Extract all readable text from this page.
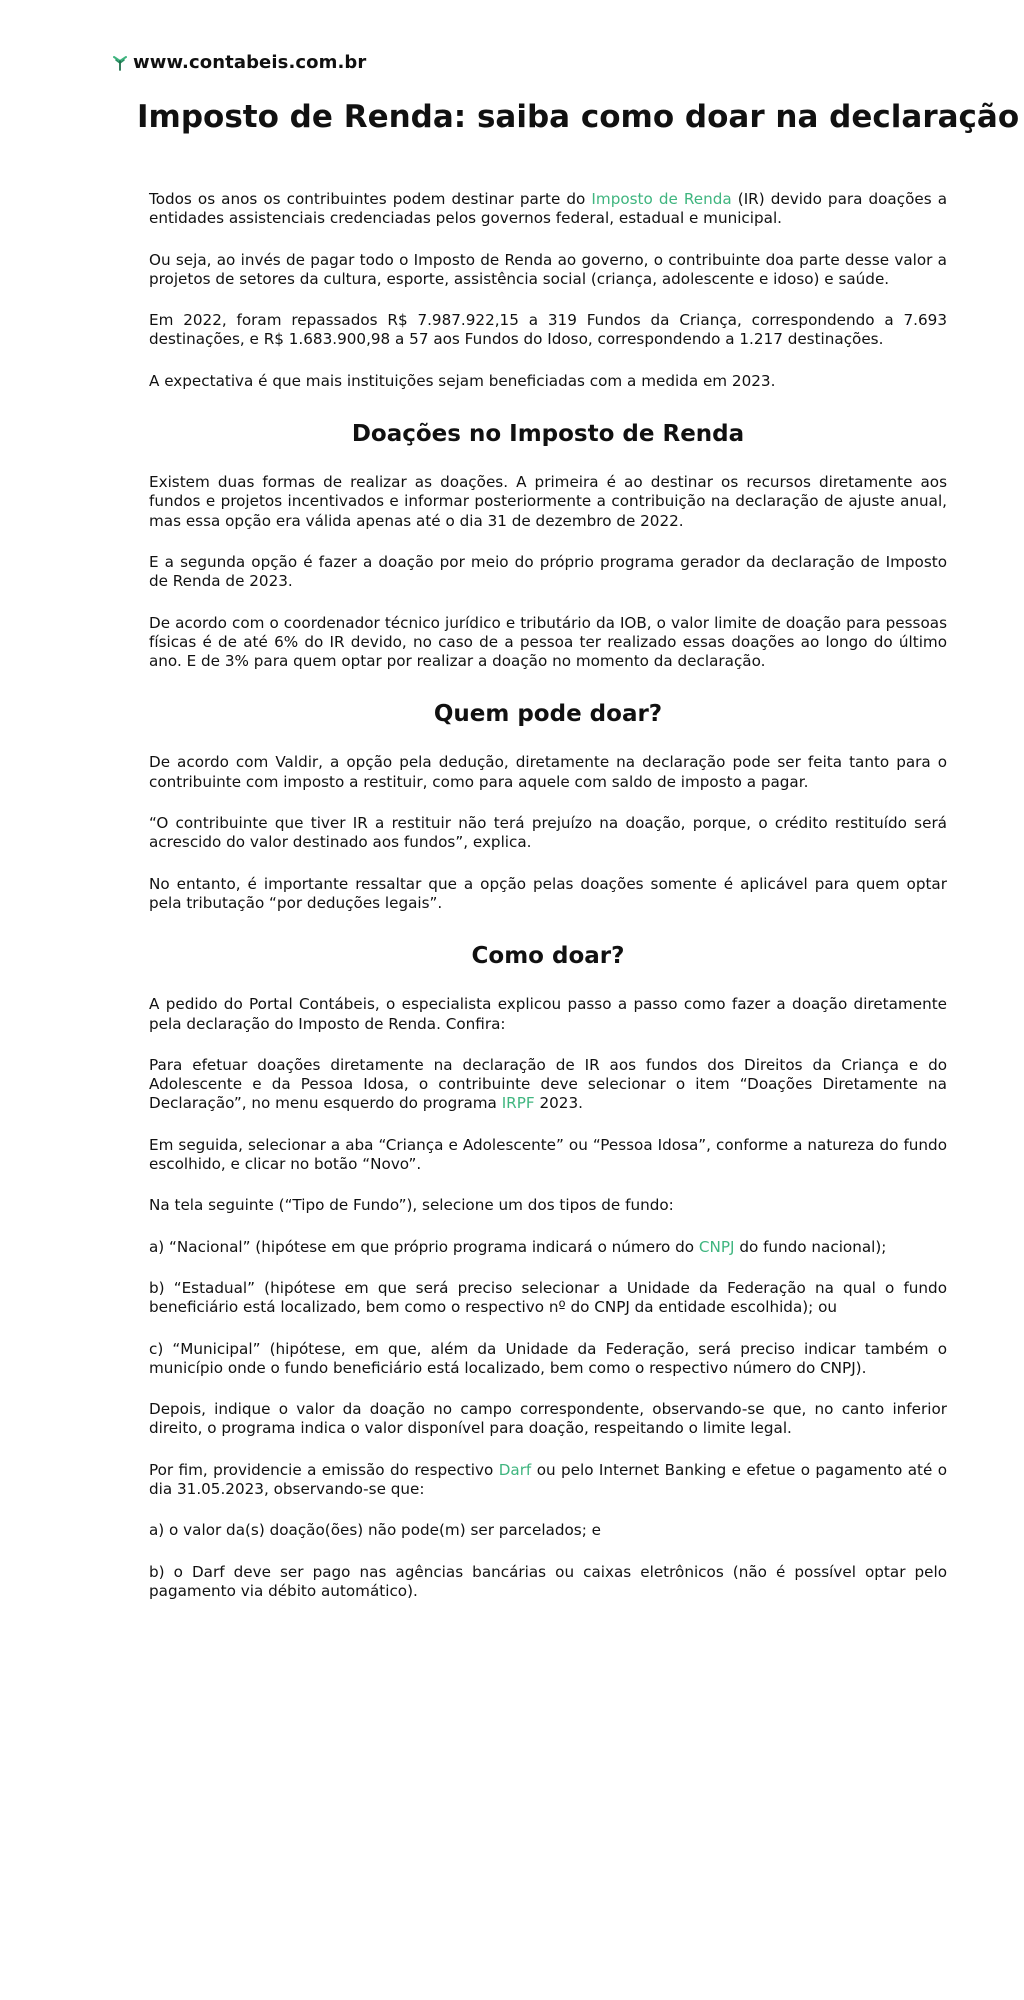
www.contabeis.com.br
Imposto de Renda: saiba como doar na declaração

Todos os anos os contribuintes podem destinar parte do Imposto de Renda (IR) devido para doações a entidades assistenciais credenciadas pelos governos federal, estadual e municipal.

Ou seja, ao invés de pagar todo o Imposto de Renda ao governo, o contribuinte doa parte desse valor a projetos de setores da cultura, esporte, assistência social (criança, adolescente e idoso) e saúde.

Em 2022, foram repassados R$ 7.987.922,15 a 319 Fundos da Criança, correspondendo a 7.693 destinações, e R$ 1.683.900,98 a 57 aos Fundos do Idoso, correspondendo a 1.217 destinações.

A expectativa é que mais instituições sejam beneficiadas com a medida em 2023.

Doações no Imposto de Renda

Existem duas formas de realizar as doações. A primeira é ao destinar os recursos diretamente aos fundos e projetos incentivados e informar posteriormente a contribuição na declaração de ajuste anual, mas essa opção era válida apenas até o dia 31 de dezembro de 2022.

E a segunda opção é fazer a doação por meio do próprio programa gerador da declaração de Imposto de Renda de 2023.

De acordo com o coordenador técnico jurídico e tributário da IOB, o valor limite de doação para pessoas físicas é de até 6% do IR devido, no caso de a pessoa ter realizado essas doações ao longo do último ano. E de 3% para quem optar por realizar a doação no momento da declaração.

Quem pode doar?

De acordo com Valdir, a opção pela dedução, diretamente na declaração pode ser feita tanto para o contribuinte com imposto a restituir, como para aquele com saldo de imposto a pagar.

“O contribuinte que tiver IR a restituir não terá prejuízo na doação, porque, o crédito restituído será acrescido do valor destinado aos fundos”, explica.

No entanto, é importante ressaltar que a opção pelas doações somente é aplicável para quem optar pela tributação “por deduções legais”.

Como doar?

A pedido do Portal Contábeis, o especialista explicou passo a passo como fazer a doação diretamente pela declaração do Imposto de Renda. Confira:

Para efetuar doações diretamente na declaração de IR aos fundos dos Direitos da Criança e do Adolescente e da Pessoa Idosa, o contribuinte deve selecionar o item “Doações Diretamente na Declaração”, no menu esquerdo do programa IRPF 2023.

Em seguida, selecionar a aba “Criança e Adolescente” ou “Pessoa Idosa”, conforme a natureza do fundo escolhido, e clicar no botão “Novo”.

Na tela seguinte (“Tipo de Fundo”), selecione um dos tipos de fundo:

a) “Nacional” (hipótese em que próprio programa indicará o número do CNPJ do fundo nacional);

b) “Estadual” (hipótese em que será preciso selecionar a Unidade da Federação na qual o fundo beneficiário está localizado, bem como o respectivo nº do CNPJ da entidade escolhida); ou

c) “Municipal” (hipótese, em que, além da Unidade da Federação, será preciso indicar também o município onde o fundo beneficiário está localizado, bem como o respectivo número do CNPJ).

Depois, indique o valor da doação no campo correspondente, observando-se que, no canto inferior direito, o programa indica o valor disponível para doação, respeitando o limite legal.

Por fim, providencie a emissão do respectivo Darf ou pelo Internet Banking e efetue o pagamento até o dia 31.05.2023, observando-se que:

a) o valor da(s) doação(ões) não pode(m) ser parcelados; e

b) o Darf deve ser pago nas agências bancárias ou caixas eletrônicos (não é possível optar pelo pagamento via débito automático).
